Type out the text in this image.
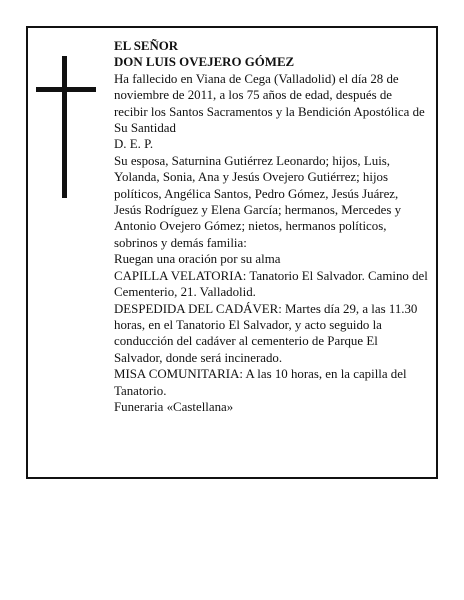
EL SEÑOR

DON LUIS OVEJERO GÓMEZ

Ha fallecido en Viana de Cega (Valladolid) el día 28 de noviembre de 2011, a los 75 años de edad, después de recibir los Santos Sacramentos y la Bendición Apostólica de Su Santidad

D. E. P.

Su esposa, Saturnina Gutiérrez Leonardo; hijos, Luis, Yolanda, Sonia, Ana y Jesús Ovejero Gutiérrez; hijos políticos, Angélica Santos, Pedro Gómez, Jesús Juárez, Jesús Rodríguez y Elena García; hermanos, Mercedes y Antonio Ovejero Gómez; nietos, hermanos políticos, sobrinos y demás familia:

Ruegan una oración por su alma

CAPILLA VELATORIA: Tanatorio El Salvador. Camino del Cementerio, 21. Valladolid.

DESPEDIDA DEL CADÁVER: Martes día 29, a las 11.30 horas, en el Tanatorio El Salvador, y acto seguido la conducción del cadáver al cementerio de Parque El Salvador, donde será incinerado.

MISA COMUNITARIA: A las 10 horas, en la capilla del Tanatorio.

Funeraria «Castellana»
